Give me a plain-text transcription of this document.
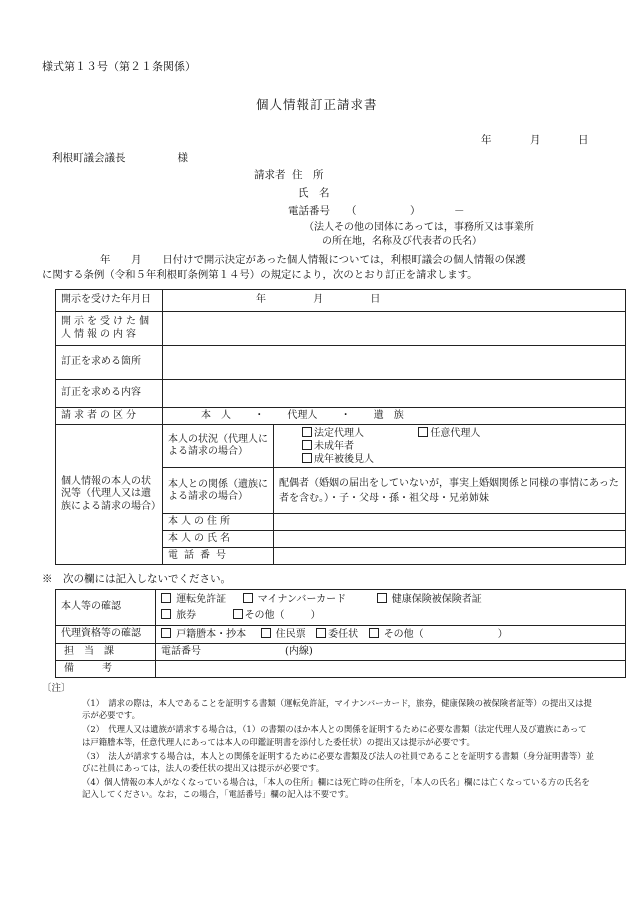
様式第１３号（第２１条関係）
個人情報訂正請求書
年	月	日
利根町議会議長	様
請求者 住　所
氏　名
電話番号 （	）	－
（法人その他の団体にあっては，事務所又は事業所
の所在地，名称及び代表者の氏名）
年　　月　　日付けで開示決定があった個人情報については，利根町議会の個人情報の保護
に関する条例（令和５年利根町条例第１４号）の規定により，次のとおり訂正を請求します。
開示を受けた年月日	年 月 日	
開示を受けた個人情報の内容		
訂正を求める箇所		
訂正を求める内容		
請求者の区分	本　人 ・ 代理人 ・ 遺　族	
個人情報の本人の状況等（代理人又は遺族による請求の場合）	本人の状況（代理人による請求の場合）	法定代理人 任意代理人
未成年者
成年被後見人

	本人との関係（遺族による請求の場合）	配偶者（婚姻の届出をしていないが，事実上婚姻関係と同様の事情にあった者を含む。）・子・父母・孫・祖父母・兄弟姉妹
	本人の住所	
	本人の氏名	
	電話番号	
※　次の欄には記入しないでください。
本人等の確認	運転免許証 マイナンバーカード 健康保険被保険者証
旅券 その他（ ）

代理資格等の確認	戸籍謄本・抄本 住民票 委任状 その他（ ）
担当課	電話番号 (内線)
備考	
〔注〕

（1）　請求の際は，本人であることを証明する書類（運転免許証，マイナンバーカード，旅券，健康保険の被保険者証等）の提出又は提示が必要です。

（2）　代理人又は遺族が請求する場合は，（1）の書類のほか本人との関係を証明するために必要な書類（法定代理人及び遺族にあっては戸籍謄本等，任意代理人にあっては本人の印鑑証明書を添付した委任状）の提出又は提示が必要です。

（3）　法人が請求する場合は，本人との関係を証明するために必要な書類及び法人の社員であることを証明する書類（身分証明書等）並びに社員にあっては，法人の委任状の提出又は提示が必要です。

（4）個人情報の本人がなくなっている場合は，「本人の住所」欄には死亡時の住所を，「本人の氏名」欄には亡くなっている方の氏名を記入してください。なお，この場合，「電話番号」欄の記入は不要です。
